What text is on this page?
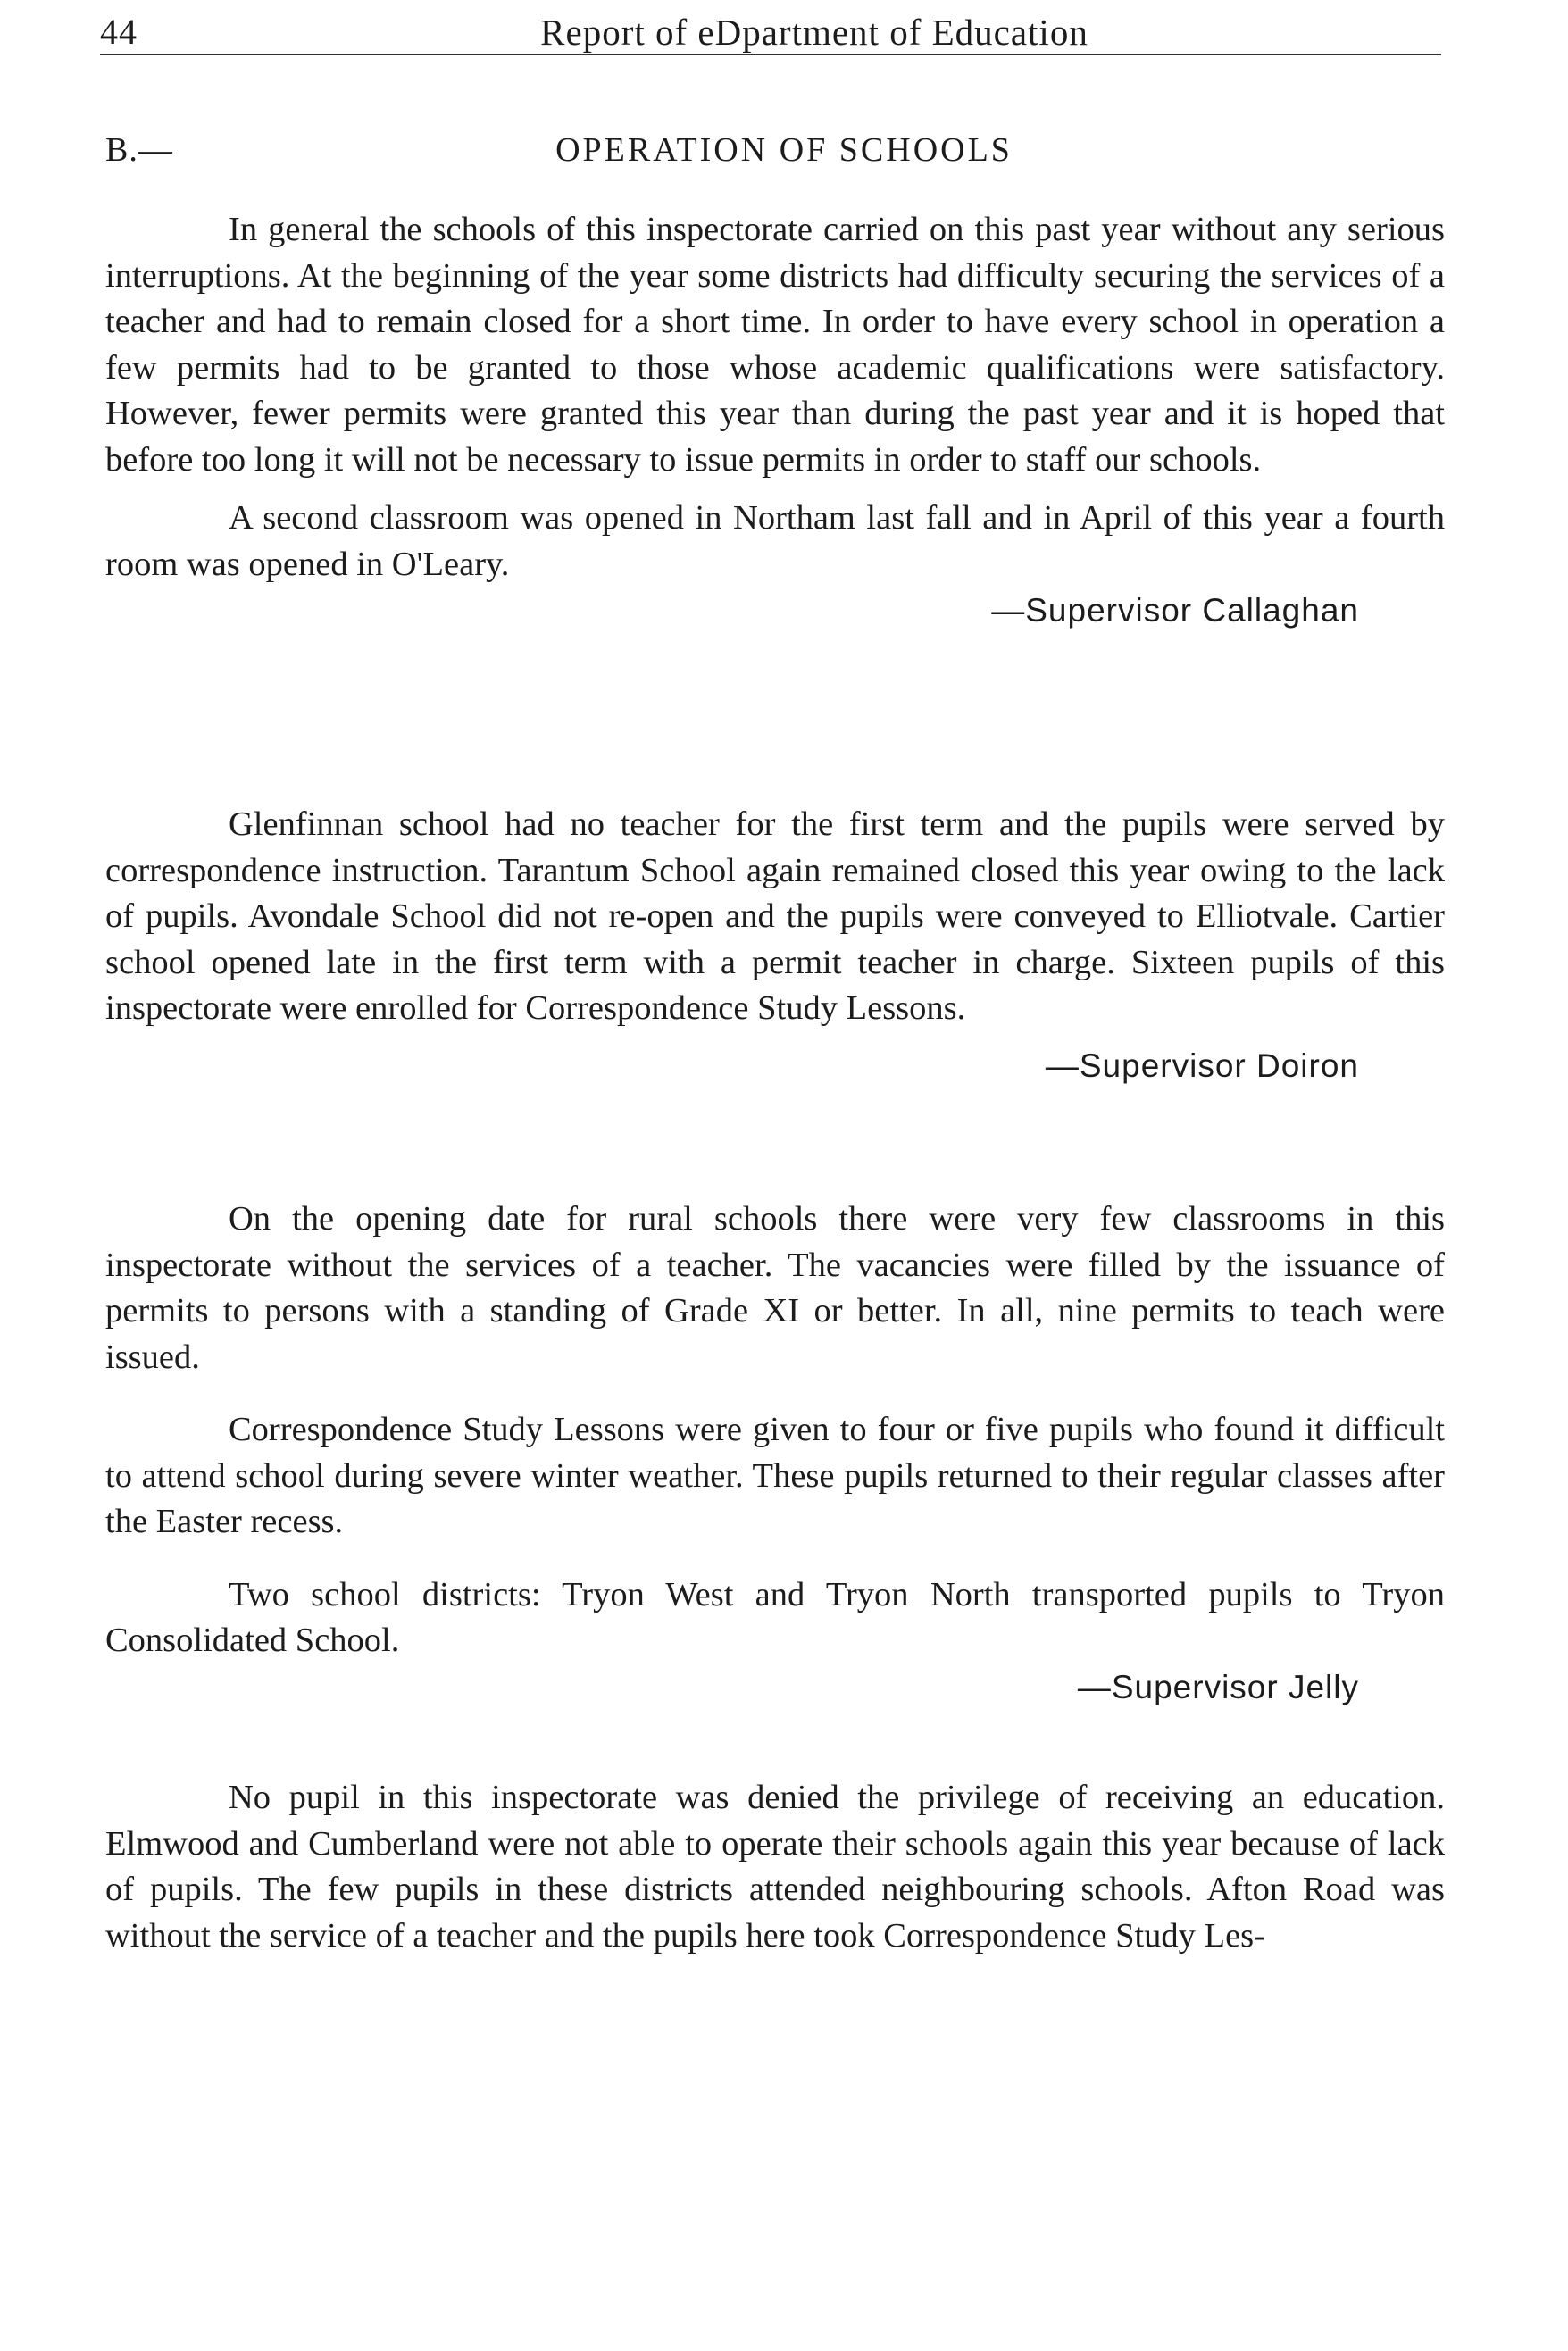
44	Report of eDpartment of Education
B.—	OPERATION OF SCHOOLS

In general the schools of this inspectorate carried on this past year without any serious interruptions. At the beginning of the year some districts had difficulty securing the services of a teacher and had to remain closed for a short time. In order to have every school in operation a few permits had to be granted to those whose academic qualifications were satisfactory. However, fewer permits were granted this year than during the past year and it is hoped that before too long it will not be necessary to issue permits in order to staff our schools.

A second classroom was opened in Northam last fall and in April of this year a fourth room was opened in O'Leary.

—Supervisor Callaghan

Glenfinnan school had no teacher for the first term and the pupils were served by correspondence instruction. Tarantum School again remained closed this year owing to the lack of pupils. Avondale School did not re-open and the pupils were conveyed to Elliotvale. Cartier school opened late in the first term with a permit teacher in charge. Sixteen pupils of this inspectorate were enrolled for Correspondence Study Lessons.

—Supervisor Doiron

On the opening date for rural schools there were very few classrooms in this inspectorate without the services of a teacher. The vacancies were filled by the issuance of permits to persons with a standing of Grade XI or better. In all, nine permits to teach were issued.

Correspondence Study Lessons were given to four or five pupils who found it difficult to attend school during severe winter weather. These pupils returned to their regular classes after the Easter recess.

Two school districts: Tryon West and Tryon North transported pupils to Tryon Consolidated School.

—Supervisor Jelly

No pupil in this inspectorate was denied the privilege of receiving an education. Elmwood and Cumberland were not able to operate their schools again this year because of lack of pupils. The few pupils in these districts attended neighbouring schools. Afton Road was without the service of a teacher and the pupils here took Correspondence Study Les-
